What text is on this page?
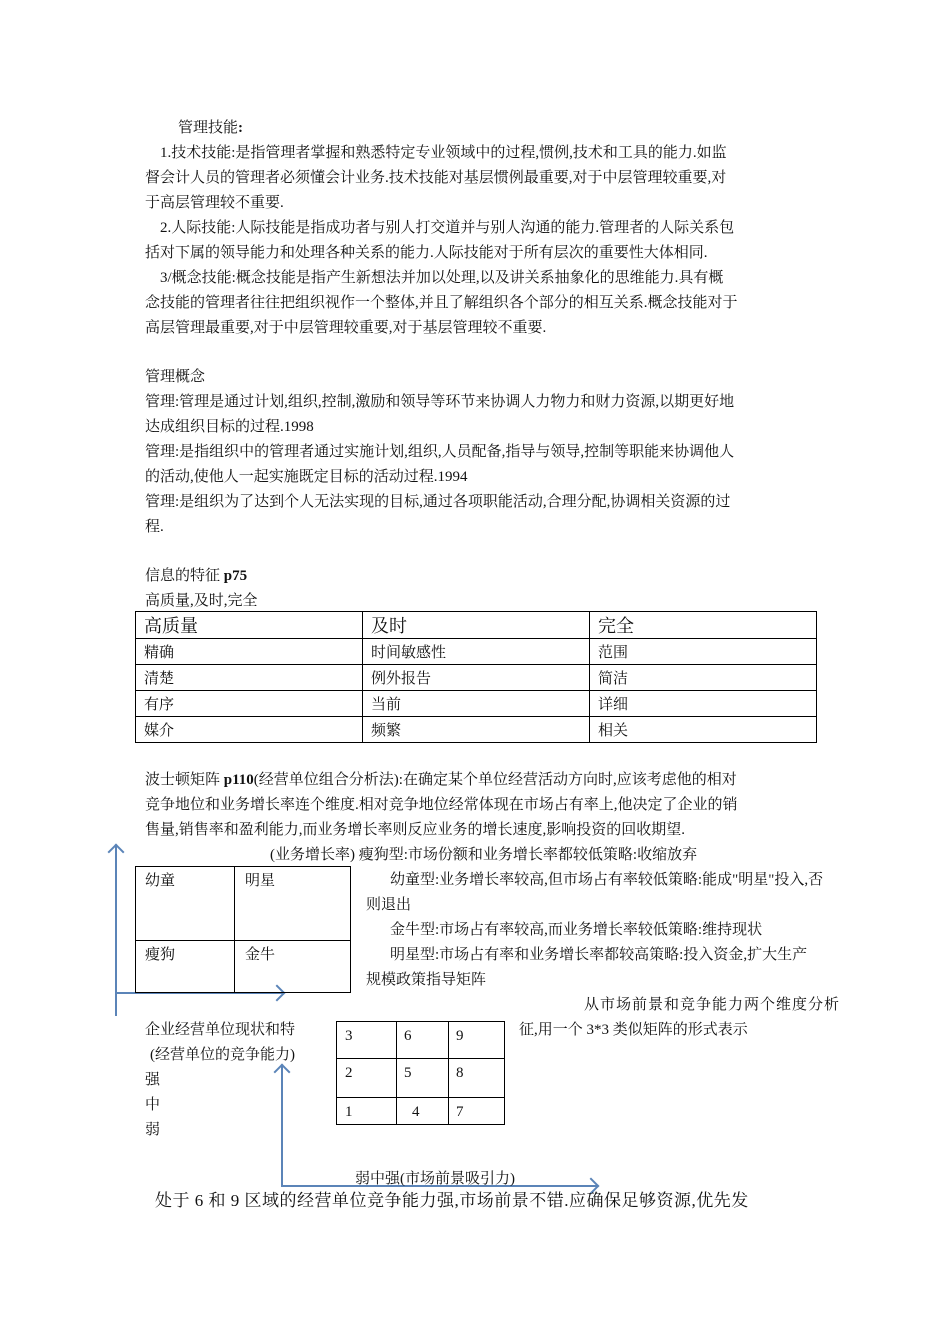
管理技能:
1.技术技能:是指管理者掌握和熟悉特定专业领域中的过程,惯例,技术和工具的能力.如监
督会计人员的管理者必须懂会计业务.技术技能对基层惯例最重要,对于中层管理较重要,对
于高层管理较不重要.
2.人际技能:人际技能是指成功者与别人打交道并与别人沟通的能力.管理者的人际关系包
括对下属的领导能力和处理各种关系的能力.人际技能对于所有层次的重要性大体相同.
3/概念技能:概念技能是指产生新想法并加以处理,以及讲关系抽象化的思维能力.具有概
念技能的管理者往往把组织视作一个整体,并且了解组织各个部分的相互关系.概念技能对于
高层管理最重要,对于中层管理较重要,对于基层管理较不重要.
管理概念
管理:管理是通过计划,组织,控制,激励和领导等环节来协调人力物力和财力资源,以期更好地
达成组织目标的过程.1998
管理:是指组织中的管理者通过实施计划,组织,人员配备,指导与领导,控制等职能来协调他人
的活动,使他人一起实施既定目标的活动过程.1994
管理:是组织为了达到个人无法实现的目标,通过各项职能活动,合理分配,协调相关资源的过
程.
信息的特征 p75
高质量,及时,完全
高质量	及时	完全
精确	时间敏感性	范围
清楚	例外报告	简洁
有序	当前	详细
媒介	频繁	相关
波士顿矩阵 p110(经营单位组合分析法):在确定某个单位经营活动方向时,应该考虑他的相对
竞争地位和业务增长率连个维度.相对竞争地位经常体现在市场占有率上,他决定了企业的销
售量,销售率和盈利能力,而业务增长率则反应业务的增长速度,影响投资的回收期望.
幼童	明星
瘦狗	金牛
(业务增长率) 瘦狗型:市场份额和业务增长率都较低策略:收缩放弃
幼童型:业务增长率较高,但市场占有率较低策略:能成"明星"投入,否
则退出
金牛型:市场占有率较高,而业务增长率较低策略:维持现状
明星型:市场占有率和业务增长率都较高策略:投入资金,扩大生产
规模政策指导矩阵
从市场前景和竞争能力两个维度分析
征,用一个 3*3 类似矩阵的形式表示
企业经营单位现状和特
(经营单位的竞争能力)
强
中
弱
3	6	9
2	5	8
1	4 7
弱中强(市场前景吸引力)
处于 6 和 9 区域的经营单位竞争能力强,市场前景不错.应确保足够资源,优先发
